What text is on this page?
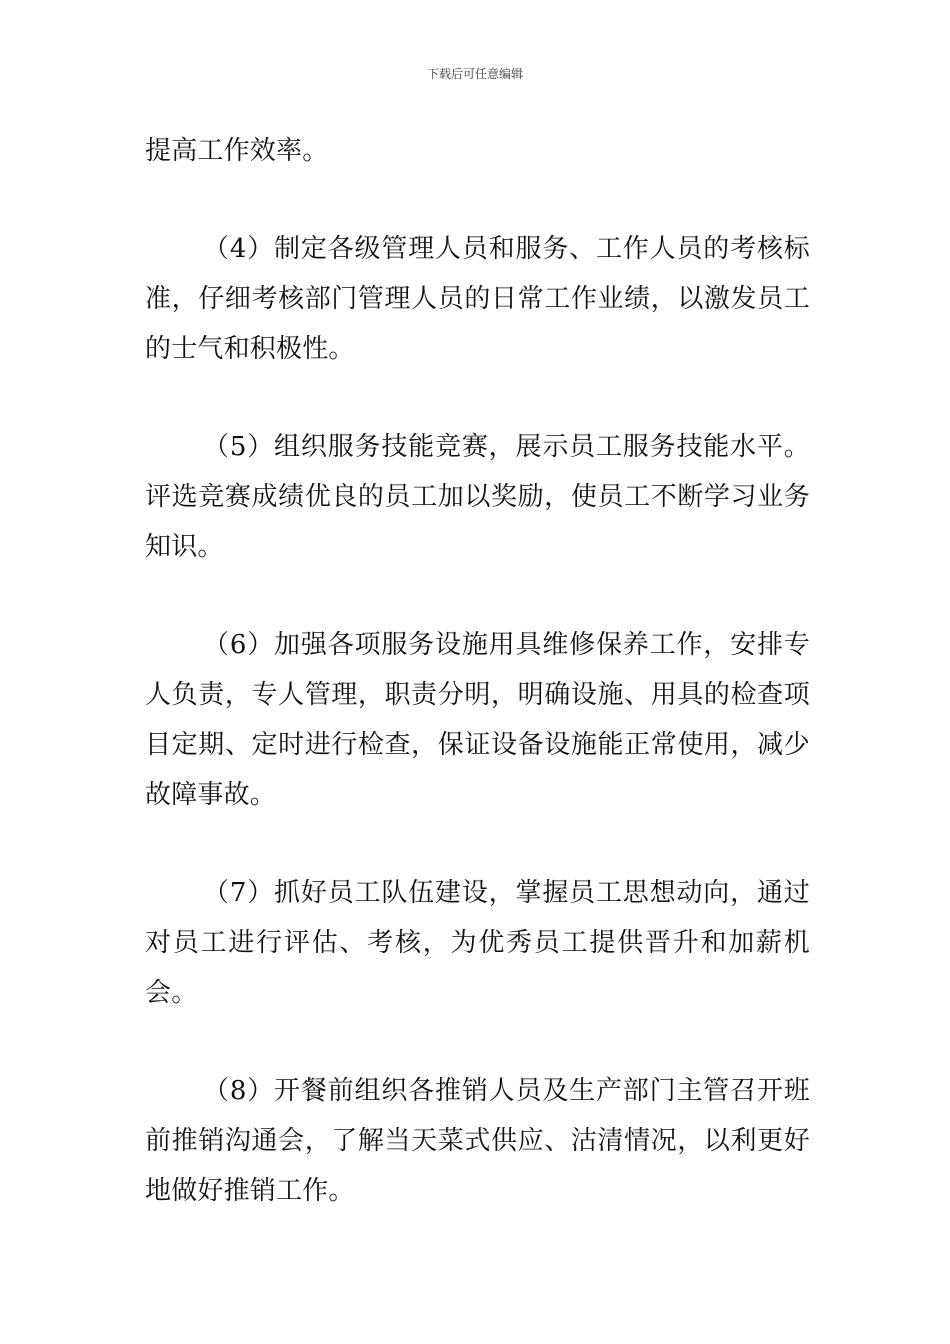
下载后可任意编辑

提高工作效率。

（4）制定各级管理人员和服务、工作人员的考核标准，仔细考核部门管理人员的日常工作业绩，以激发员工的士气和积极性。

（5）组织服务技能竞赛，展示员工服务技能水平。评选竞赛成绩优良的员工加以奖励，使员工不断学习业务知识。

（6）加强各项服务设施用具维修保养工作，安排专人负责，专人管理，职责分明，明确设施、用具的检查项目定期、定时进行检查，保证设备设施能正常使用，减少故障事故。

（7）抓好员工队伍建设，掌握员工思想动向，通过对员工进行评估、考核，为优秀员工提供晋升和加薪机会。

（8）开餐前组织各推销人员及生产部门主管召开班前推销沟通会，了解当天菜式供应、沽清情况，以利更好地做好推销工作。
